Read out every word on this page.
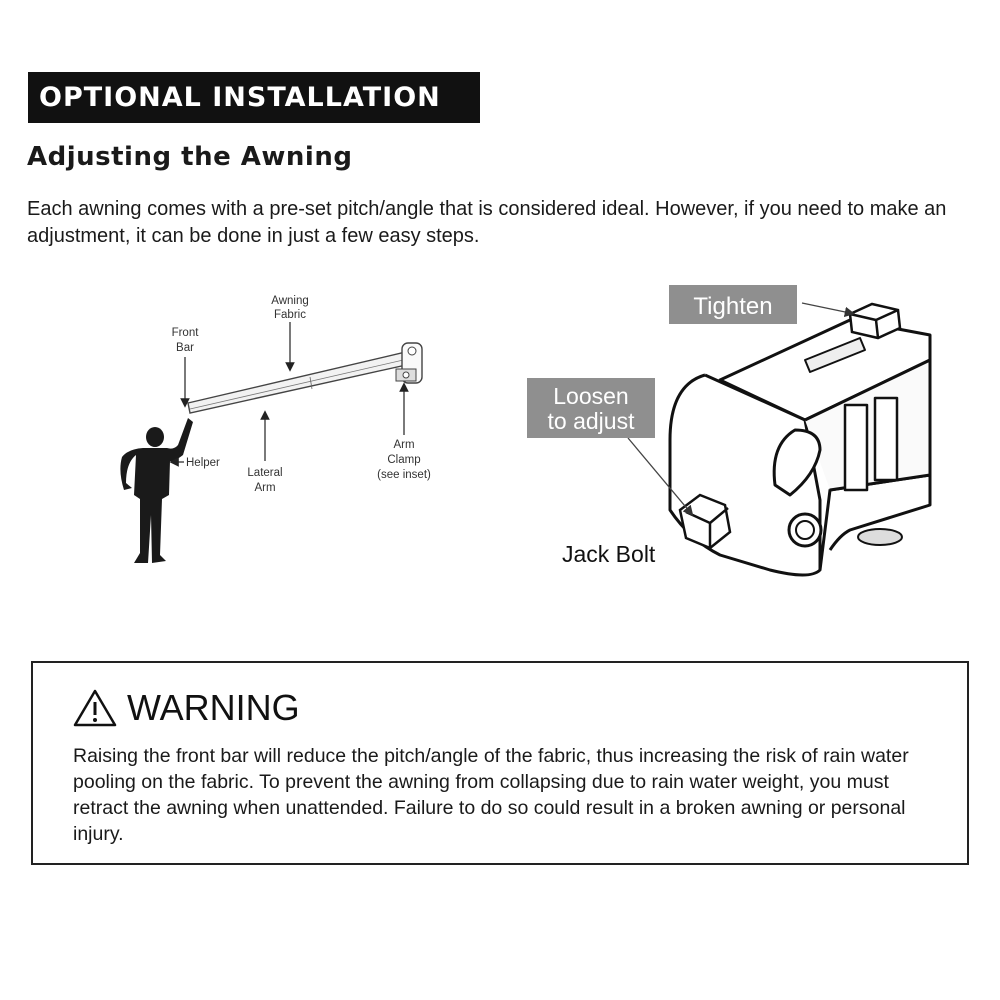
OPTIONAL INSTALLATION
Adjusting the Awning
Each awning comes with a pre-set pitch/angle that is considered ideal. However, if you need to make an adjustment, it can be done in just a few easy steps.
Awning
Fabric
Front
Bar
Helper
Lateral
Arm
Arm
Clamp
(see inset)
Tighten
Loosen
to adjust
Jack Bolt
WARNING
Raising the front bar will reduce the pitch/angle of the fabric, thus increasing the risk of rain water pooling on the fabric. To prevent the awning from collapsing due to rain water weight, you must retract the awning when unattended. Failure to do so could result in a broken awning or personal injury.
